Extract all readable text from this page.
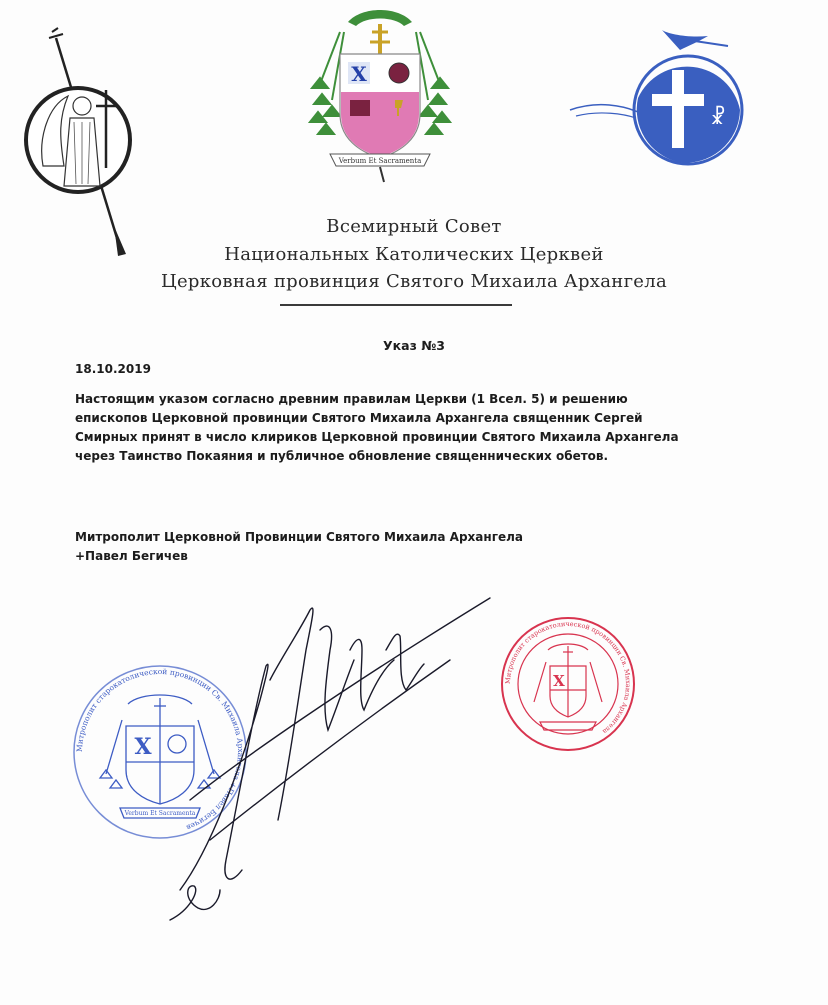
X
Verbum Et Sacramenta
☧
Всемирный Совет
Национальных Католических Церквей
Церковная провинция Святого Михаила Архангела
Указ №3
18.10.2019
Настоящим указом согласно древним правилам Церкви (1 Всел. 5) и решению епископов Церковной провинции Святого Михаила Архангела священник Сергей Смирных принят в число клириков Церковной провинции Святого Михаила Архангела через Таинство Покаяния и публичное обновление священнических обетов.
Митрополит Церковной Провинции Святого Михаила Архангела
+Павел Бегичев
Митрополит старокатолической провинции Св. Михаила Архангела +Павел Бегичев
X
Verbum Et Sacramenta
Митрополит старокатолической провинции Св. Михаила Архангела
X
